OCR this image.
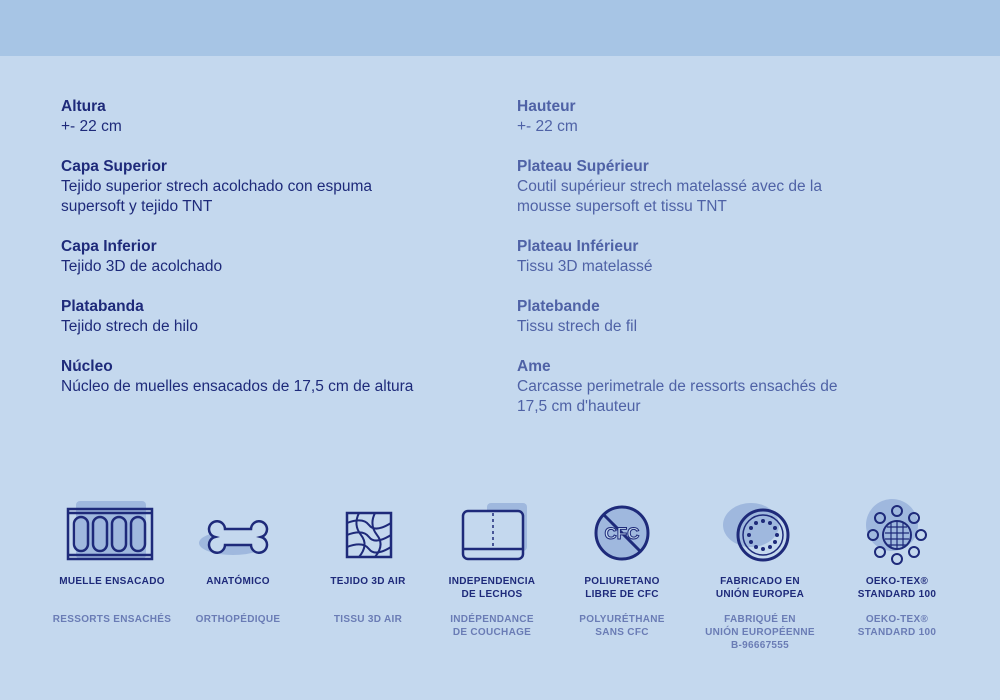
Altura
+- 22 cm
Capa Superior
Tejido superior strech acolchado con espuma
supersoft y tejido TNT
Capa Inferior
Tejido 3D de acolchado
Platabanda
Tejido strech de hilo
Núcleo
Núcleo de muelles ensacados de 17,5 cm de altura
Hauteur
+- 22 cm
Plateau Supérieur
Coutil supérieur strech matelassé avec de la
mousse supersoft et tissu TNT
Plateau Inférieur
Tissu 3D matelassé
Platebande
Tissu strech de fil
Ame
Carcasse perimetrale de ressorts ensachés de
17,5 cm d'hauteur
MUELLE ENSACADO
RESSORTS ENSACHÉS
ANATÓMICO
ORTHOPÉDIQUE
TEJIDO 3D AIR
TISSU 3D AIR
INDEPENDENCIA
DE LECHOS
INDÉPENDANCE
DE COUCHAGE
CFC
POLIURETANO
LIBRE DE CFC
POLYURÉTHANE
SANS CFC
FABRICADO EN
UNIÓN EUROPEA
FABRIQUÉ EN
UNIÓN EUROPÉENNE
B-96667555
OEKO-TEX®
STANDARD 100
OEKO-TEX®
STANDARD 100
